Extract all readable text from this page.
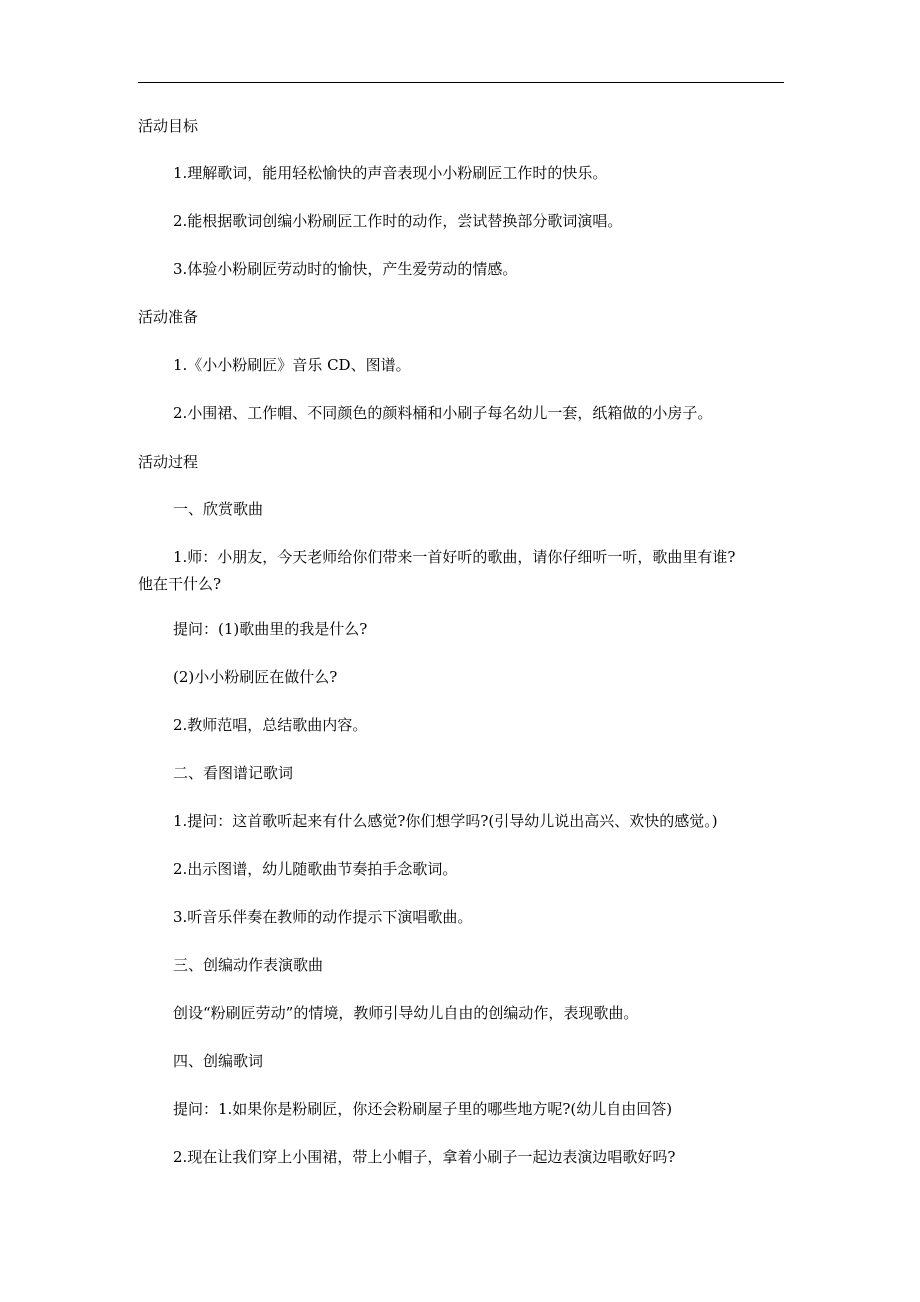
活动目标
1.理解歌词，能用轻松愉快的声音表现小小粉刷匠工作时的快乐。
2.能根据歌词创编小粉刷匠工作时的动作，尝试替换部分歌词演唱。
3.体验小粉刷匠劳动时的愉快，产生爱劳动的情感。
活动准备
1.《小小粉刷匠》音乐 CD、图谱。
2.小围裙、工作帽、不同颜色的颜料桶和小刷子每名幼儿一套，纸箱做的小房子。
活动过程
一、欣赏歌曲
1.师：小朋友，今天老师给你们带来一首好听的歌曲，请你仔细听一听，歌曲里有谁?
他在干什么?
提问：(1)歌曲里的我是什么?
(2)小小粉刷匠在做什么?
2.教师范唱，总结歌曲内容。
二、看图谱记歌词
1.提问：这首歌听起来有什么感觉?你们想学吗?(引导幼儿说出高兴、欢快的感觉。)
2.出示图谱，幼儿随歌曲节奏拍手念歌词。
3.听音乐伴奏在教师的动作提示下演唱歌曲。
三、创编动作表演歌曲
创设“粉刷匠劳动”的情境，教师引导幼儿自由的创编动作，表现歌曲。
四、创编歌词
提问：1.如果你是粉刷匠，你还会粉刷屋子里的哪些地方呢?(幼儿自由回答)
2.现在让我们穿上小围裙，带上小帽子，拿着小刷子一起边表演边唱歌好吗?
